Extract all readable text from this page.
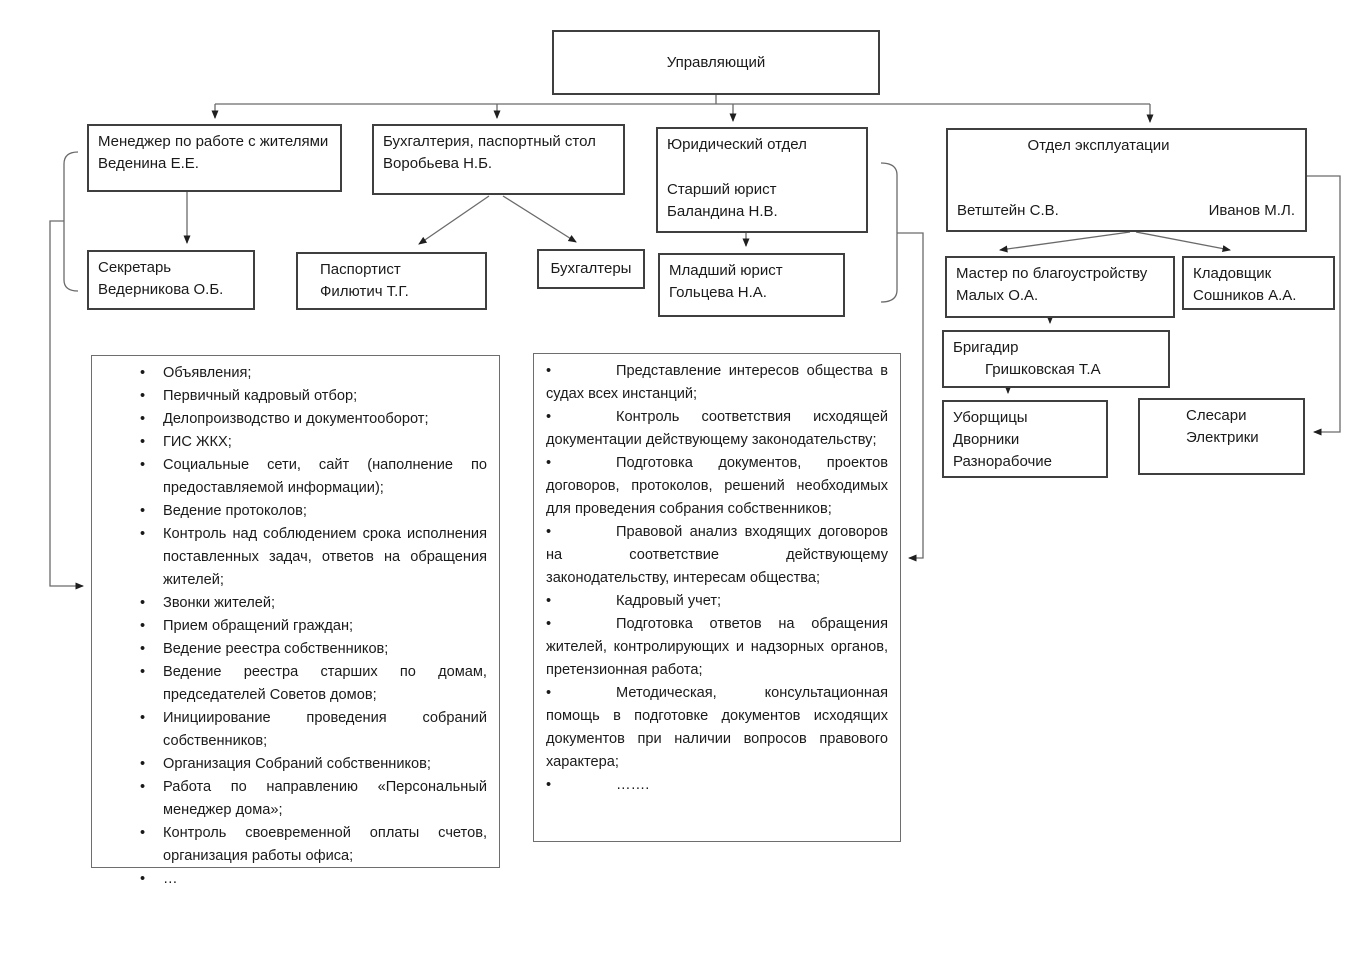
Управляющий
Менеджер по работе с жителями
Веденина Е.Е.
Бухгалтерия, паспортный стол
Воробьева Н.Б.
Юридический отдел
Старший юрист
Баландина Н.В.
Отдел эксплуатации
Ветштейн С.В.	Иванов М.Л.
Секретарь
Ведерникова О.Б.
Паспортист
Филютич Т.Г.
Бухгалтеры	Младший юрист
Гольцева Н.А.
Мастер по благоустройству
Малых О.А.
Кладовщик
Сошников А.А.
Бригадир
Гришковская Т.А
Уборщицы
Дворники
Разнорабочие
Слесари
Электрики
• Объявления;
• Первичный кадровый отбор;
• Делопроизводство и документооборот;
• ГИС ЖКХ;
• Социальные сети, сайт (наполнение по предоставляемой информации);
• Ведение протоколов;
• Контроль над соблюдением срока исполнения поставленных задач, ответов на обращения жителей;
• Звонки жителей;
• Прием обращений граждан;
• Ведение реестра собственников;
• Ведение реестра старших по домам, председателей Советов домов;
• Инициирование проведения собраний собственников;
• Организация Собраний собственников;
• Работа по направлению «Персональный менеджер дома»;
• Контроль своевременной оплаты счетов, организация работы офиса;
• …
• Представление интересов общества в судах всех инстанций;
• Контроль соответствия исходящей документации действующему законодательству;
• Подготовка документов, проектов договоров, протоколов, решений необходимых для проведения собрания собственников;
• Правовой анализ входящих договоров на соответствие действующему законодательству, интересам общества;
• Кадровый учет;
• Подготовка ответов на обращения жителей, контролирующих и надзорных органов, претензионная работа;
• Методическая, консультационная помощь в подготовке документов исходящих документов при наличии вопросов правового характера;
• …….
